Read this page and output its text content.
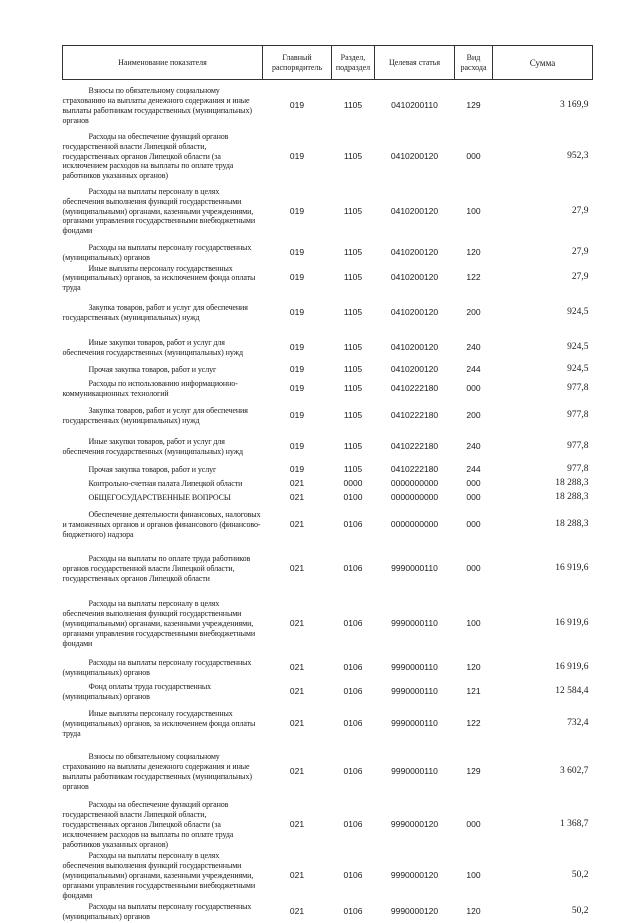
Наименование показателя	Главный распорядитель	Раздел, подраздел	Целевая статья	Вид расхода	Сумма
Взносы по обязательному социальному страхованию на выплаты денежного содержания и иные выплаты работникам государственных (муниципальных) органов	019	1105	0410200110	129	3 169,9
Расходы на обеспечение функций органов государственной власти Липецкой области, государственных органов Липецкой области (за исключением расходов на выплаты по оплате труда работников указанных органов)	019	1105	0410200120	000	952,3
Расходы на выплаты персоналу в целях обеспечения выполнения функций государственными (муниципальными) органами, казенными учреждениями, органами управления государственными внебюджетными фондами	019	1105	0410200120	100	27,9
Расходы на выплаты персоналу государственных (муниципальных) органов	019	1105	0410200120	120	27,9
Иные выплаты персоналу государственных (муниципальных) органов, за исключением фонда оплаты труда	019	1105	0410200120	122	27,9
Закупка товаров, работ и услуг для обеспечения государственных (муниципальных) нужд	019	1105	0410200120	200	924,5
Иные закупки товаров, работ и услуг для обеспечения государственных (муниципальных) нужд	019	1105	0410200120	240	924,5
Прочая закупка товаров, работ и услуг	019	1105	0410200120	244	924,5
Расходы по использованию информационно-коммуникационных технологий	019	1105	0410222180	000	977,8
Закупка товаров, работ и услуг для обеспечения государственных (муниципальных) нужд	019	1105	0410222180	200	977,8
Иные закупки товаров, работ и услуг для обеспечения государственных (муниципальных) нужд	019	1105	0410222180	240	977,8
Прочая закупка товаров, работ и услуг	019	1105	0410222180	244	977,8
Контрольно-счетная палата Липецкой области	021	0000	0000000000	000	18 288,3
ОБЩЕГОСУДАРСТВЕННЫЕ ВОПРОСЫ	021	0100	0000000000	000	18 288,3
Обеспечение деятельности финансовых, налоговых и таможенных органов и органов финансового (финансово-бюджетного) надзора	021	0106	0000000000	000	18 288,3
Расходы на выплаты по оплате труда работников органов государственной власти Липецкой области, государственных органов Липецкой области	021	0106	9990000110	000	16 919,6
Расходы на выплаты персоналу в целях обеспечения выполнения функций государственными (муниципальными) органами, казенными учреждениями, органами управления государственными внебюджетными фондами	021	0106	9990000110	100	16 919,6
Расходы на выплаты персоналу государственных (муниципальных) органов	021	0106	9990000110	120	16 919,6
Фонд оплаты труда государственных (муниципальных) органов	021	0106	9990000110	121	12 584,4
Иные выплаты персоналу государственных (муниципальных) органов, за исключением фонда оплаты труда	021	0106	9990000110	122	732,4
Взносы по обязательному социальному страхованию на выплаты денежного содержания и иные выплаты работникам государственных (муниципальных) органов	021	0106	9990000110	129	3 602,7
Расходы на обеспечение функций органов государственной власти Липецкой области, государственных органов Липецкой области (за исключением расходов на выплаты по оплате труда работников указанных органов)	021	0106	9990000120	000	1 368,7
Расходы на выплаты персоналу в целях обеспечения выполнения функций государственными (муниципальными) органами, казенными учреждениями, органами управления государственными внебюджетными фондами	021	0106	9990000120	100	50,2
Расходы на выплаты персоналу государственных (муниципальных) органов	021	0106	9990000120	120	50,2
